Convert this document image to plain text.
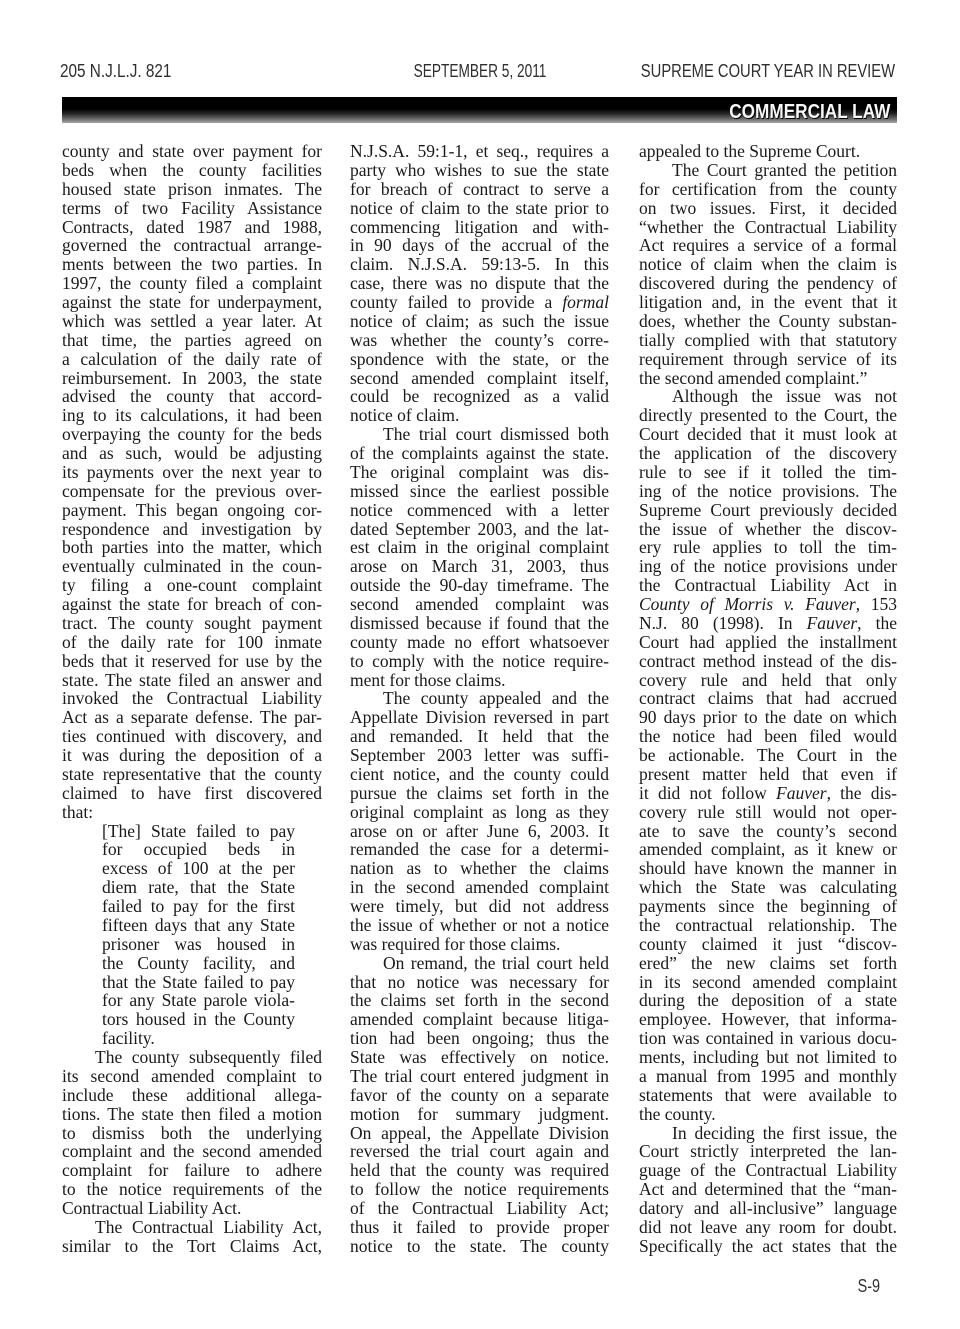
205 N.J.L.J. 821	SEPTEMBER 5, 2011	SUPREME COURT YEAR IN REVIEW
COMMERCIAL LAW
county and state over payment for
beds when the county facilities
housed state prison inmates. The
terms of two Facility Assistance
Contracts, dated 1987 and 1988,
governed the contractual arrange-
ments between the two parties. In
1997, the county filed a complaint
against the state for underpayment,
which was settled a year later. At
that time, the parties agreed on
a calculation of the daily rate of
reimbursement. In 2003, the state
advised the county that accord-
ing to its calculations, it had been
overpaying the county for the beds
and as such, would be adjusting
its payments over the next year to
compensate for the previous over-
payment. This began ongoing cor-
respondence and investigation by
both parties into the matter, which
eventually culminated in the coun-
ty filing a one-count complaint
against the state for breach of con-
tract. The county sought payment
of the daily rate for 100 inmate
beds that it reserved for use by the
state. The state filed an answer and
invoked the Contractual Liability
Act as a separate defense. The par-
ties continued with discovery, and
it was during the deposition of a
state representative that the county
claimed to have first discovered
that:
[The] State failed to pay
for occupied beds in
excess of 100 at the per
diem rate, that the State
failed to pay for the first
fifteen days that any State
prisoner was housed in
the County facility, and
that the State failed to pay
for any State parole viola-
tors housed in the County
facility.
The county subsequently filed
its second amended complaint to
include these additional allega-
tions. The state then filed a motion
to dismiss both the underlying
complaint and the second amended
complaint for failure to adhere
to the notice requirements of the
Contractual Liability Act.
The Contractual Liability Act,
similar to the Tort Claims Act,
N.J.S.A. 59:1-1, et seq., requires a
party who wishes to sue the state
for breach of contract to serve a
notice of claim to the state prior to
commencing litigation and with-
in 90 days of the accrual of the
claim. N.J.S.A. 59:13-5. In this
case, there was no dispute that the
county failed to provide a formal
notice of claim; as such the issue
was whether the county’s corre-
spondence with the state, or the
second amended complaint itself,
could be recognized as a valid
notice of claim.
The trial court dismissed both
of the complaints against the state.
The original complaint was dis-
missed since the earliest possible
notice commenced with a letter
dated September 2003, and the lat-
est claim in the original complaint
arose on March 31, 2003, thus
outside the 90-day timeframe. The
second amended complaint was
dismissed because if found that the
county made no effort whatsoever
to comply with the notice require-
ment for those claims.
The county appealed and the
Appellate Division reversed in part
and remanded. It held that the
September 2003 letter was suffi-
cient notice, and the county could
pursue the claims set forth in the
original complaint as long as they
arose on or after June 6, 2003. It
remanded the case for a determi-
nation as to whether the claims
in the second amended complaint
were timely, but did not address
the issue of whether or not a notice
was required for those claims.
On remand, the trial court held
that no notice was necessary for
the claims set forth in the second
amended complaint because litiga-
tion had been ongoing; thus the
State was effectively on notice.
The trial court entered judgment in
favor of the county on a separate
motion for summary judgment.
On appeal, the Appellate Division
reversed the trial court again and
held that the county was required
to follow the notice requirements
of the Contractual Liability Act;
thus it failed to provide proper
notice to the state. The county
appealed to the Supreme Court.
The Court granted the petition
for certification from the county
on two issues. First, it decided
“whether the Contractual Liability
Act requires a service of a formal
notice of claim when the claim is
discovered during the pendency of
litigation and, in the event that it
does, whether the County substan-
tially complied with that statutory
requirement through service of its
the second amended complaint.”
Although the issue was not
directly presented to the Court, the
Court decided that it must look at
the application of the discovery
rule to see if it tolled the tim-
ing of the notice provisions. The
Supreme Court previously decided
the issue of whether the discov-
ery rule applies to toll the tim-
ing of the notice provisions under
the Contractual Liability Act in
County of Morris v. Fauver, 153
N.J. 80 (1998). In Fauver, the
Court had applied the installment
contract method instead of the dis-
covery rule and held that only
contract claims that had accrued
90 days prior to the date on which
the notice had been filed would
be actionable. The Court in the
present matter held that even if
it did not follow Fauver, the dis-
covery rule still would not oper-
ate to save the county’s second
amended complaint, as it knew or
should have known the manner in
which the State was calculating
payments since the beginning of
the contractual relationship. The
county claimed it just “discov-
ered” the new claims set forth
in its second amended complaint
during the deposition of a state
employee. However, that informa-
tion was contained in various docu-
ments, including but not limited to
a manual from 1995 and monthly
statements that were available to
the county.
In deciding the first issue, the
Court strictly interpreted the lan-
guage of the Contractual Liability
Act and determined that the “man-
datory and all-inclusive” language
did not leave any room for doubt.
Specifically the act states that the
S-9
